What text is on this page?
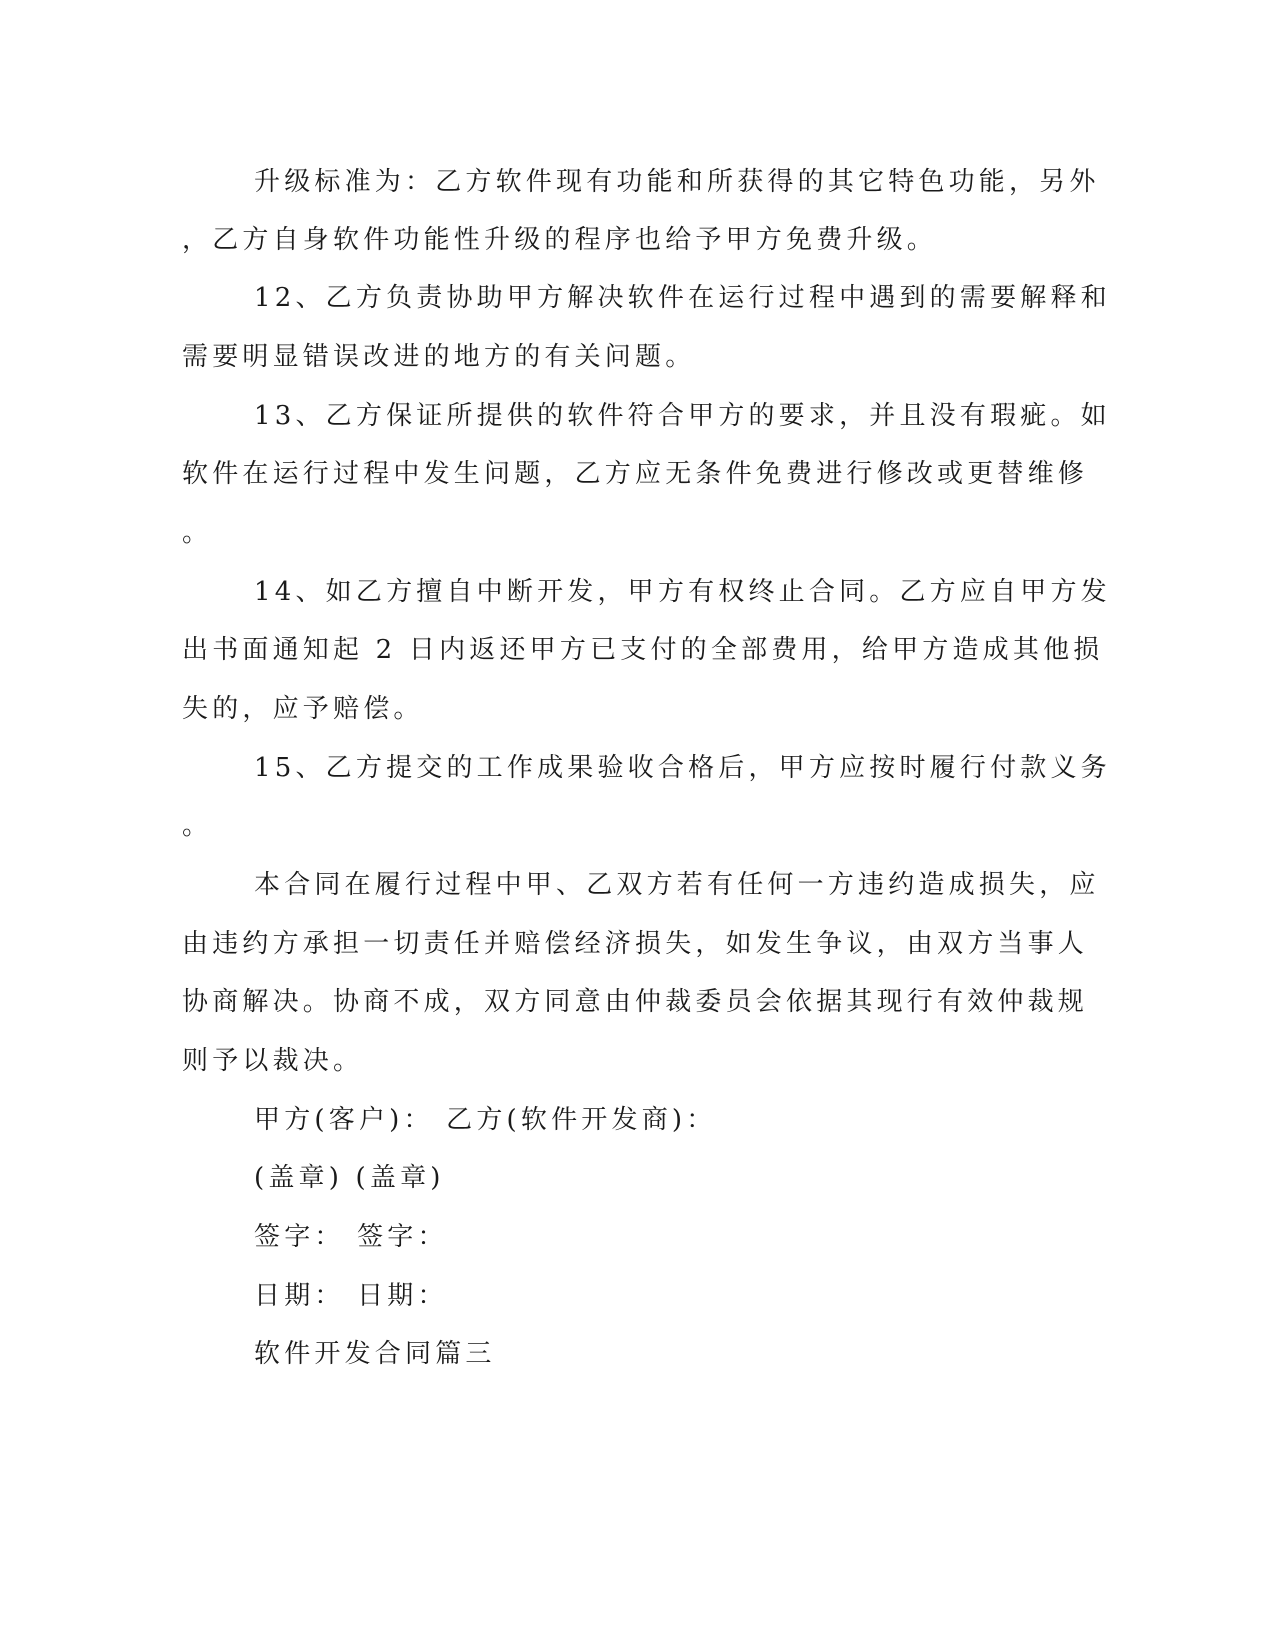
升级标准为：乙方软件现有功能和所获得的其它特色功能，另外
，乙方自身软件功能性升级的程序也给予甲方免费升级。
12、乙方负责协助甲方解决软件在运行过程中遇到的需要解释和
需要明显错误改进的地方的有关问题。
13、乙方保证所提供的软件符合甲方的要求，并且没有瑕疵。如
软件在运行过程中发生问题，乙方应无条件免费进行修改或更替维修
。
14、如乙方擅自中断开发，甲方有权终止合同。乙方应自甲方发
出书面通知起 2 日内返还甲方已支付的全部费用，给甲方造成其他损
失的，应予赔偿。
15、乙方提交的工作成果验收合格后，甲方应按时履行付款义务
。
本合同在履行过程中甲、乙双方若有任何一方违约造成损失，应
由违约方承担一切责任并赔偿经济损失，如发生争议，由双方当事人
协商解决。协商不成，双方同意由仲裁委员会依据其现行有效仲裁规
则予以裁决。
甲方(客户)： 乙方(软件开发商)：
(盖章) (盖章)
签字： 签字：
日期： 日期：
软件开发合同篇三
